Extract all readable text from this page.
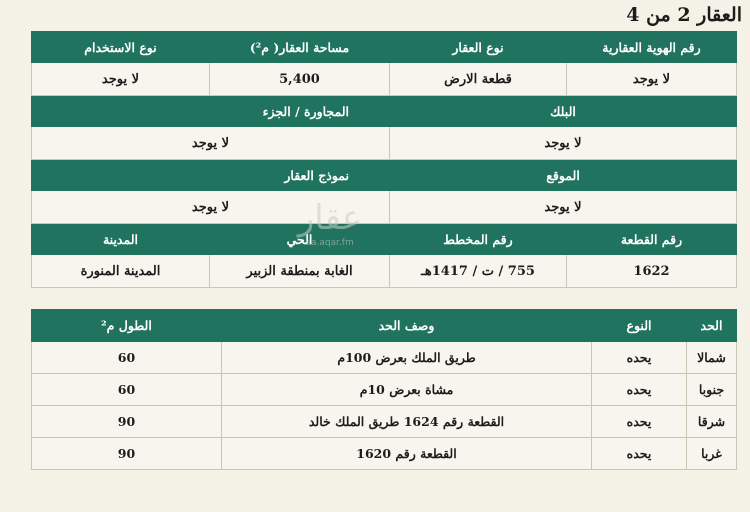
العقار 2 من 4
رقم الهوية العقارية	نوع العقار	مساحة العقار( م²)	نوع الاستخدام
لا يوجد	قطعة الارض	5,400	لا يوجد
البلك		المجاورة / الجزء	
لا يوجد		لا يوجد	
الموقع		نموذج العقار	
لا يوجد		لا يوجد	
رقم القطعة	رقم المخطط	الحي	المدينة
1622	755 / ت / 1417هـ	الغابة بمنطقة الزبير	المدينة المنورة
عقار
sa.aqar.fm
الحد	النوع	وصف الحد	الطول م²
شمالا	يحده	طريق الملك بعرض 100م	60
جنوبا	يحده	مشاة بعرض 10م	60
شرقا	يحده	القطعة رقم 1624 طريق الملك خالد	90
غربا	يحده	القطعة رقم 1620	90
